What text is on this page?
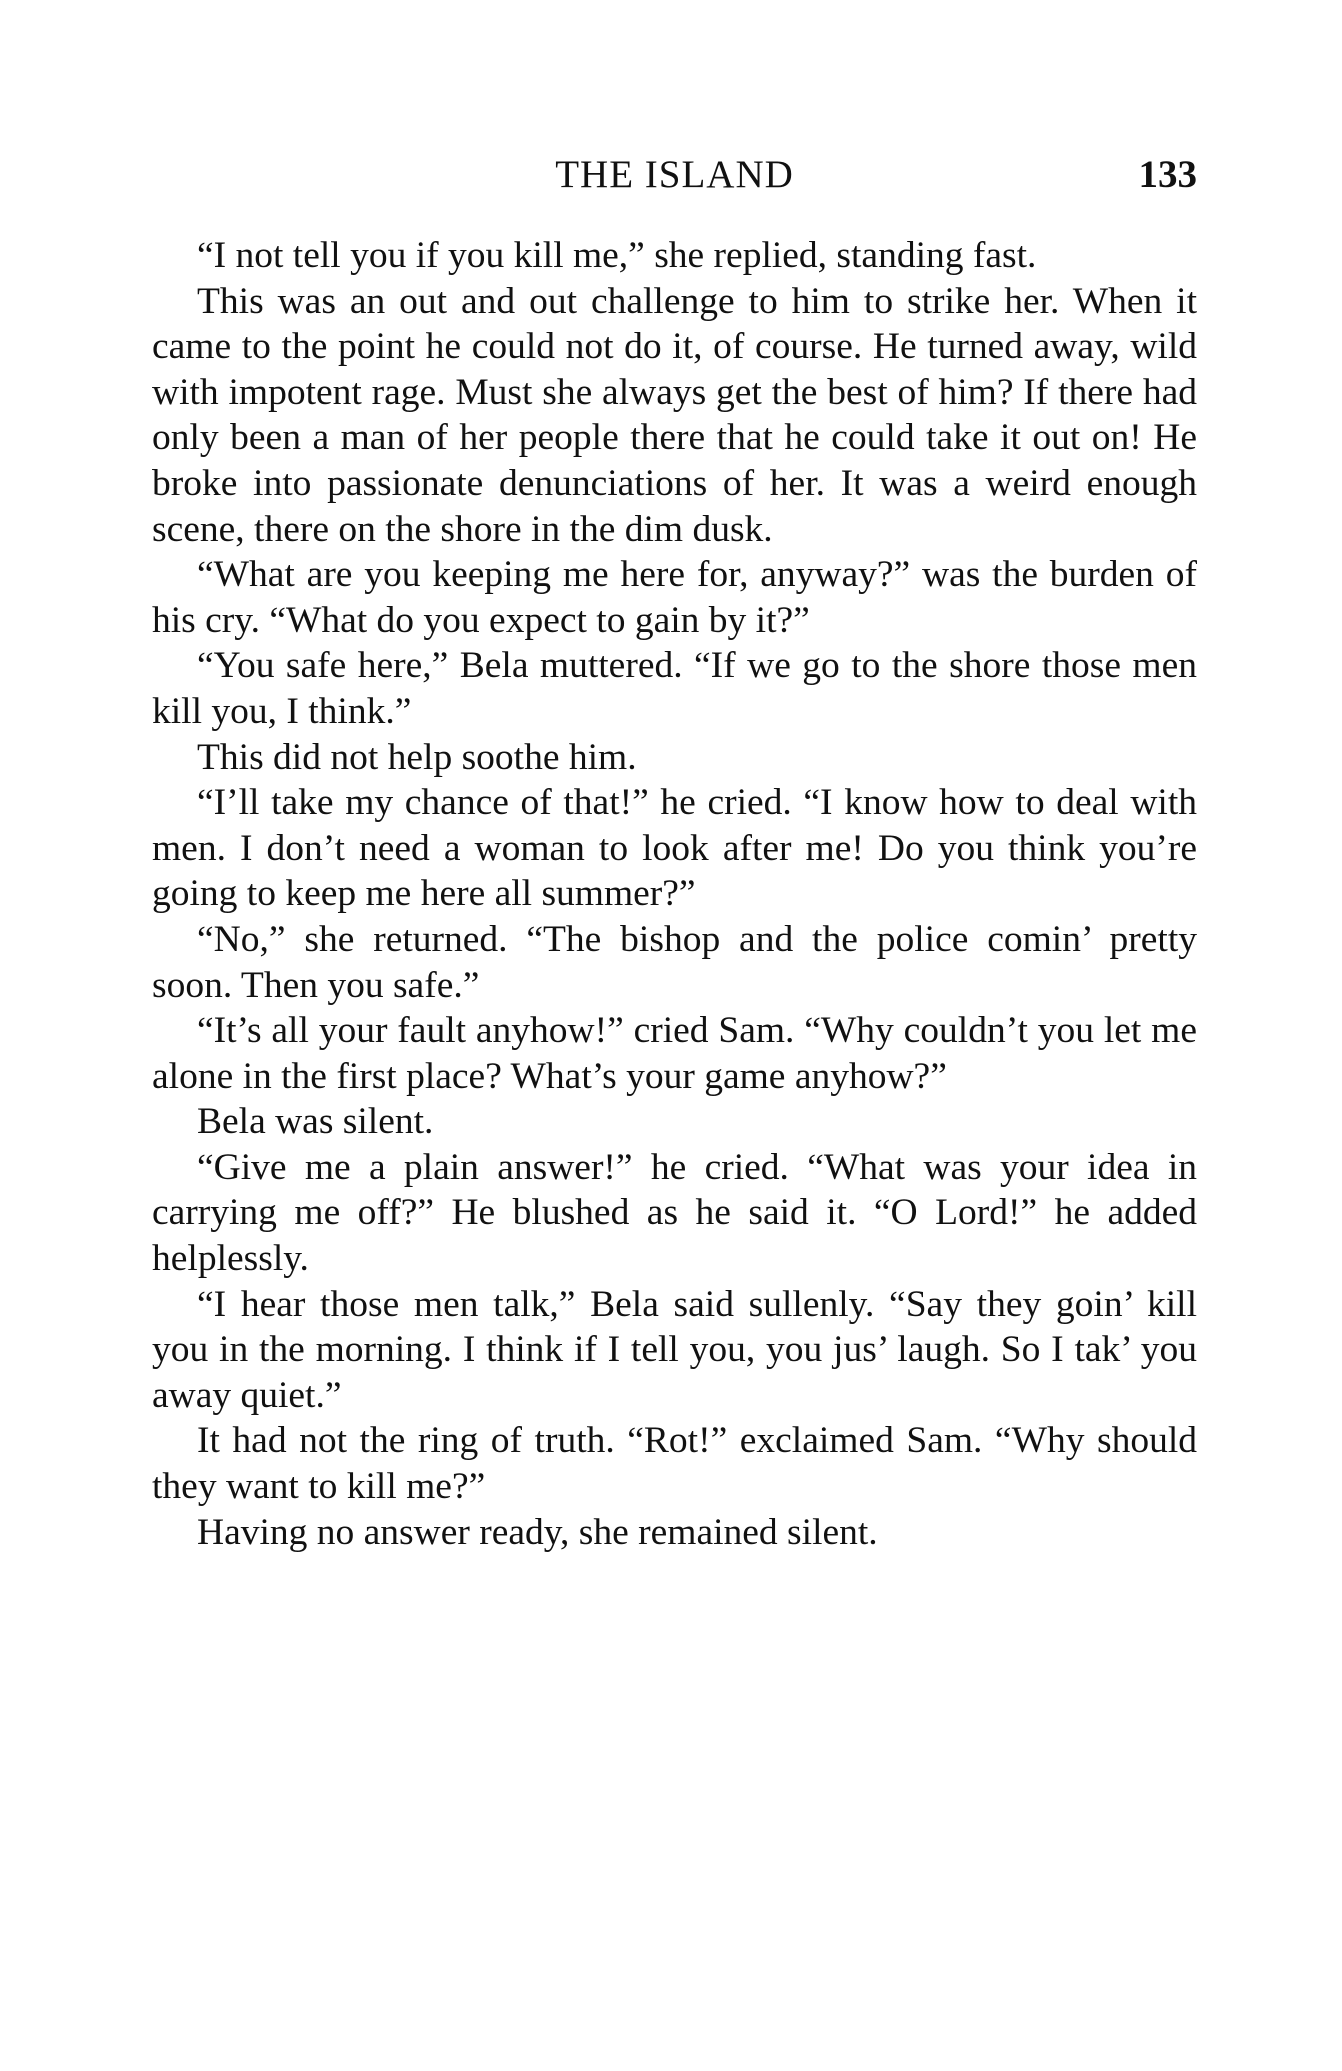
THE ISLAND	133

“I not tell you if you kill me,” she replied, standing fast.

This was an out and out challenge to him to strike her. When it came to the point he could not do it, of course. He turned away, wild with impotent rage. Must she always get the best of him? If there had only been a man of her people there that he could take it out on! He broke into passionate denunciations of her. It was a weird enough scene, there on the shore in the dim dusk.

“What are you keeping me here for, anyway?” was the burden of his cry. “What do you expect to gain by it?”

“You safe here,” Bela muttered. “If we go to the shore those men kill you, I think.”

This did not help soothe him.

“I’ll take my chance of that!” he cried. “I know how to deal with men. I don’t need a woman to look after me! Do you think you’re going to keep me here all summer?”

“No,” she returned. “The bishop and the police comin’ pretty soon. Then you safe.”

“It’s all your fault anyhow!” cried Sam. “Why couldn’t you let me alone in the first place? What’s your game anyhow?”

Bela was silent.

“Give me a plain answer!” he cried. “What was your idea in carrying me off?” He blushed as he said it. “O Lord!” he added helplessly.

“I hear those men talk,” Bela said sullenly. “Say they goin’ kill you in the morning. I think if I tell you, you jus’ laugh. So I tak’ you away quiet.”

It had not the ring of truth. “Rot!” exclaimed Sam. “Why should they want to kill me?”

Having no answer ready, she remained silent.
